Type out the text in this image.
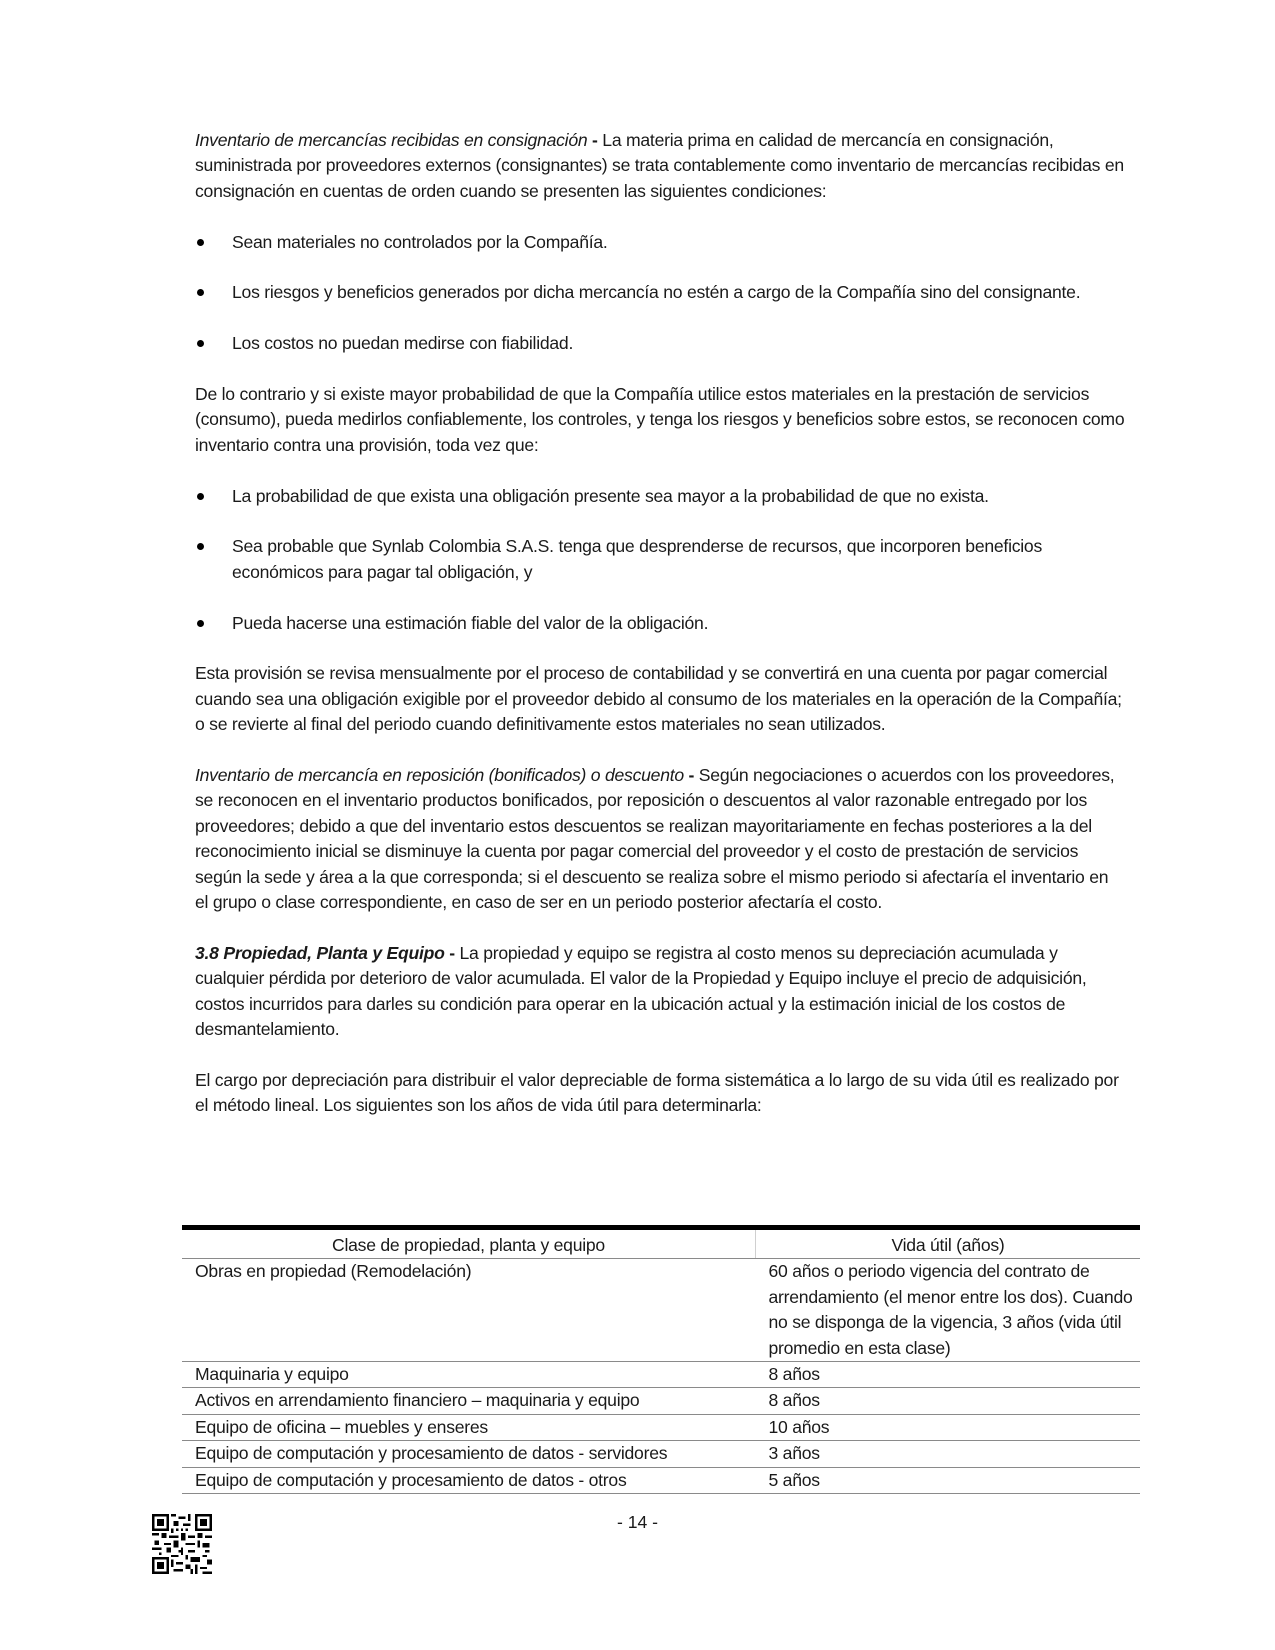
Inventario de mercancías recibidas en consignación - La materia prima en calidad de mercancía en consignación, suministrada por proveedores externos (consignantes) se trata contablemente como inventario de mercancías recibidas en consignación en cuentas de orden cuando se presenten las siguientes condiciones:

Sean materiales no controlados por la Compañía.
Los riesgos y beneficios generados por dicha mercancía no estén a cargo de la Compañía sino del consignante.
Los costos no puedan medirse con fiabilidad.

De lo contrario y si existe mayor probabilidad de que la Compañía utilice estos materiales en la prestación de servicios (consumo), pueda medirlos confiablemente, los controles, y tenga los riesgos y beneficios sobre estos, se reconocen como inventario contra una provisión, toda vez que:

La probabilidad de que exista una obligación presente sea mayor a la probabilidad de que no exista.
Sea probable que Synlab Colombia S.A.S. tenga que desprenderse de recursos, que incorporen beneficios económicos para pagar tal obligación, y
Pueda hacerse una estimación fiable del valor de la obligación.

Esta provisión se revisa mensualmente por el proceso de contabilidad y se convertirá en una cuenta por pagar comercial cuando sea una obligación exigible por el proveedor debido al consumo de los materiales en la operación de la Compañía; o se revierte al final del periodo cuando definitivamente estos materiales no sean utilizados.

Inventario de mercancía en reposición (bonificados) o descuento - Según negociaciones o acuerdos con los proveedores, se reconocen en el inventario productos bonificados, por reposición o descuentos al valor razonable entregado por los proveedores; debido a que del inventario estos descuentos se realizan mayoritariamente en fechas posteriores a la del reconocimiento inicial se disminuye la cuenta por pagar comercial del proveedor y el costo de prestación de servicios según la sede y área a la que corresponda; si el descuento se realiza sobre el mismo periodo si afectaría el inventario en el grupo o clase correspondiente, en caso de ser en un periodo posterior afectaría el costo.

3.8 Propiedad, Planta y Equipo - La propiedad y equipo se registra al costo menos su depreciación acumulada y cualquier pérdida por deterioro de valor acumulada. El valor de la Propiedad y Equipo incluye el precio de adquisición, costos incurridos para darles su condición para operar en la ubicación actual y la estimación inicial de los costos de desmantelamiento.

El cargo por depreciación para distribuir el valor depreciable de forma sistemática a lo largo de su vida útil es realizado por el método lineal. Los siguientes son los años de vida útil para determinarla:

Clase de propiedad, planta y equipo	Vida útil (años)
Obras en propiedad (Remodelación)	60 años o periodo vigencia del contrato de arrendamiento (el menor entre los dos). Cuando no se disponga de la vigencia, 3 años (vida útil promedio en esta clase)
Maquinaria y equipo	8 años
Activos en arrendamiento financiero – maquinaria y equipo	8 años
Equipo de oficina – muebles y enseres	10 años
Equipo de computación y procesamiento de datos - servidores	3 años
Equipo de computación y procesamiento de datos - otros	5 años
- 14 -
